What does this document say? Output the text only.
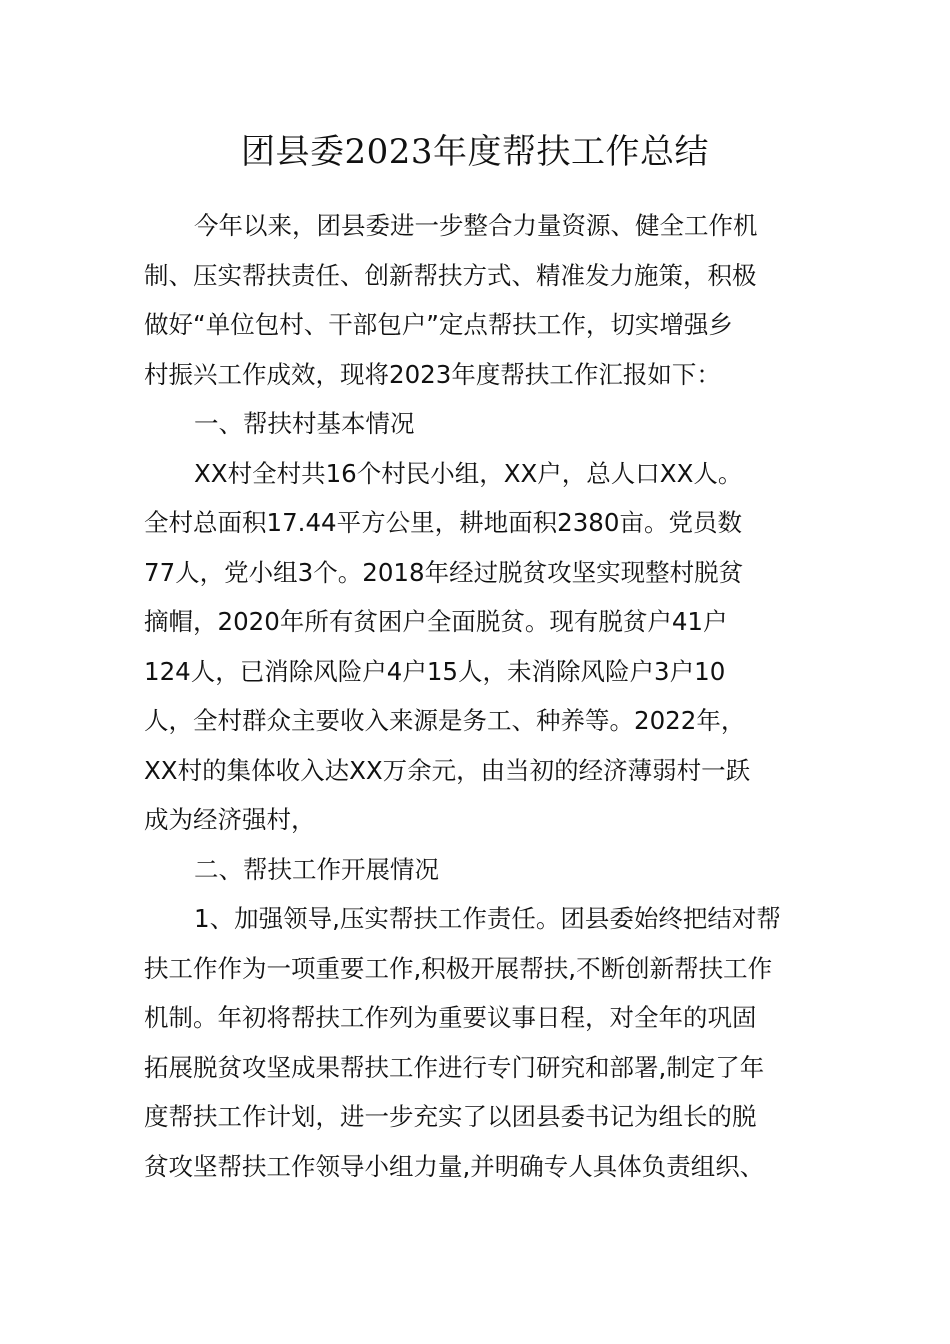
团县委2023年度帮扶工作总结
今年以来，团县委进一步整合力量资源、健全工作机
制、压实帮扶责任、创新帮扶方式、精准发力施策，积极
做好“单位包村、干部包户”定点帮扶工作，切实增强乡
村振兴工作成效，现将2023年度帮扶工作汇报如下：
一、帮扶村基本情况
XX村全村共16个村民小组，XX户，总人口XX人。
全村总面积17.44平方公里，耕地面积2380亩。党员数
77人，党小组3个。2018年经过脱贫攻坚实现整村脱贫
摘帽，2020年所有贫困户全面脱贫。现有脱贫户41户
124人，已消除风险户4户15人，未消除风险户3户10
人，全村群众主要收入来源是务工、种养等。2022年，
XX村的集体收入达XX万余元，由当初的经济薄弱村一跃
成为经济强村，
二、帮扶工作开展情况
1、加强领导,压实帮扶工作责任。团县委始终把结对帮
扶工作作为一项重要工作,积极开展帮扶,不断创新帮扶工作
机制。年初将帮扶工作列为重要议事日程，对全年的巩固
拓展脱贫攻坚成果帮扶工作进行专门研究和部署,制定了年
度帮扶工作计划，进一步充实了以团县委书记为组长的脱
贫攻坚帮扶工作领导小组力量,并明确专人具体负责组织、
